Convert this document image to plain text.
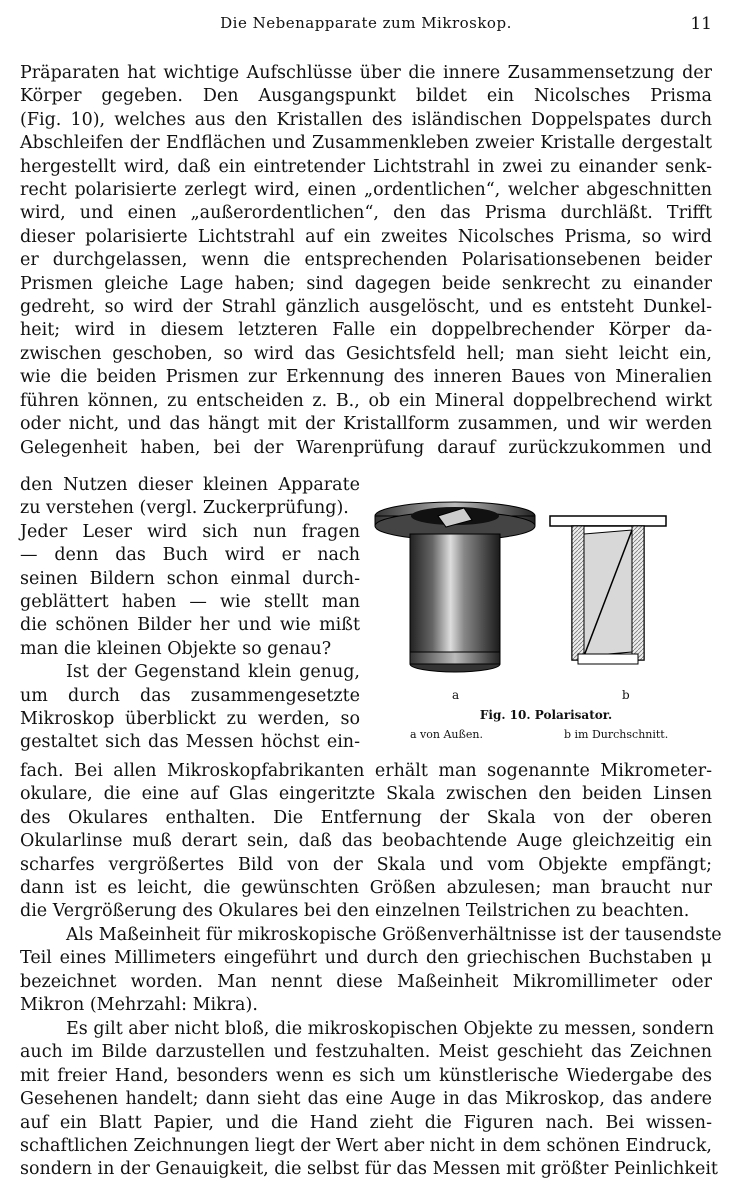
Die Nebenapparate zum Mikroskop.	11
Präparaten hat wichtige Aufschlüsse über die innere Zusammensetzung der
Körper gegeben. Den Ausgangspunkt bildet ein Nicolsches Prisma
(Fig. 10), welches aus den Kristallen des isländischen Doppelspates durch
Abschleifen der Endflächen und Zusammenkleben zweier Kristalle dergestalt
hergestellt wird, daß ein eintretender Lichtstrahl in zwei zu einander senk-
recht polarisierte zerlegt wird, einen „ordentlichen“, welcher abgeschnitten
wird, und einen „außerordentlichen“, den das Prisma durchläßt. Trifft
dieser polarisierte Lichtstrahl auf ein zweites Nicolsches Prisma, so wird
er durchgelassen, wenn die entsprechenden Polarisationsebenen beider
Prismen gleiche Lage haben; sind dagegen beide senkrecht zu einander
gedreht, so wird der Strahl gänzlich ausgelöscht, und es entsteht Dunkel-
heit; wird in diesem letzteren Falle ein doppelbrechender Körper da-
zwischen geschoben, so wird das Gesichtsfeld hell; man sieht leicht ein,
wie die beiden Prismen zur Erkennung des inneren Baues von Mineralien
führen können, zu entscheiden z. B., ob ein Mineral doppelbrechend wirkt
oder nicht, und das hängt mit der Kristallform zusammen, und wir werden
Gelegenheit haben, bei der Warenprüfung darauf zurückzukommen und
den Nutzen dieser kleinen Apparate
zu verstehen (vergl. Zuckerprüfung).
Jeder Leser wird sich nun fragen
— denn das Buch wird er nach
seinen Bildern schon einmal durch-
geblättert haben — wie stellt man
die schönen Bilder her und wie mißt
man die kleinen Objekte so genau?
Ist der Gegenstand klein genug,
um durch das zusammengesetzte
Mikroskop überblickt zu werden, so
gestaltet sich das Messen höchst ein-
a	b
Fig. 10. Polarisator.
a von Außen.	b im Durchschnitt.
fach. Bei allen Mikroskopfabrikanten erhält man sogenannte Mikrometer-
okulare, die eine auf Glas eingeritzte Skala zwischen den beiden Linsen
des Okulares enthalten. Die Entfernung der Skala von der oberen
Okularlinse muß derart sein, daß das beobachtende Auge gleichzeitig ein
scharfes vergrößertes Bild von der Skala und vom Objekte empfängt;
dann ist es leicht, die gewünschten Größen abzulesen; man braucht nur
die Vergrößerung des Okulares bei den einzelnen Teilstrichen zu beachten.
Als Maßeinheit für mikroskopische Größenverhältnisse ist der tausendste
Teil eines Millimeters eingeführt und durch den griechischen Buchstaben μ
bezeichnet worden. Man nennt diese Maßeinheit Mikromillimeter oder
Mikron (Mehrzahl: Mikra).
Es gilt aber nicht bloß, die mikroskopischen Objekte zu messen, sondern
auch im Bilde darzustellen und festzuhalten. Meist geschieht das Zeichnen
mit freier Hand, besonders wenn es sich um künstlerische Wiedergabe des
Gesehenen handelt; dann sieht das eine Auge in das Mikroskop, das andere
auf ein Blatt Papier, und die Hand zieht die Figuren nach. Bei wissen-
schaftlichen Zeichnungen liegt der Wert aber nicht in dem schönen Eindruck,
sondern in der Genauigkeit, die selbst für das Messen mit größter Peinlichkeit
